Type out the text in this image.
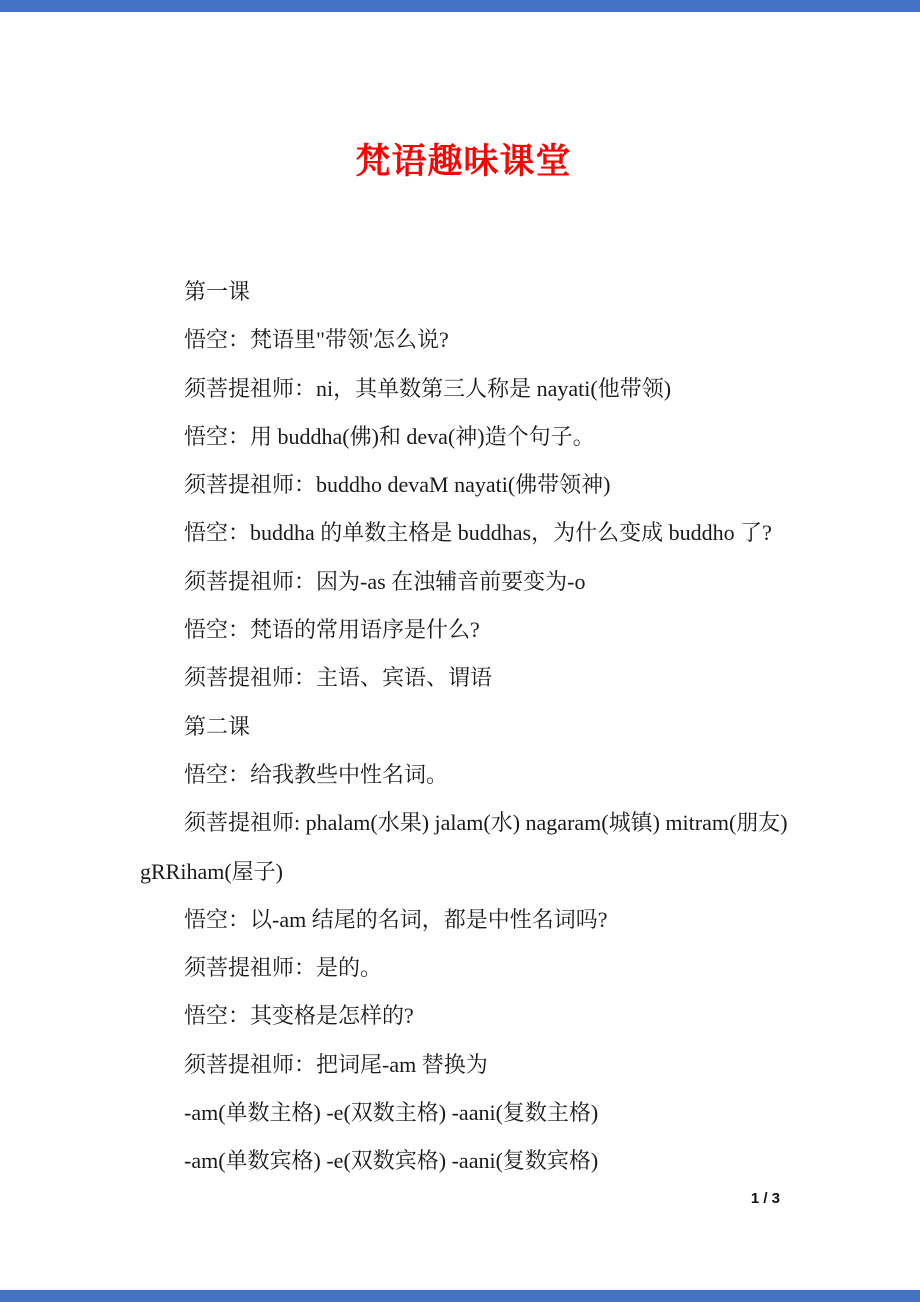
梵语趣味课堂
第一课
悟空：梵语里"带领'怎么说?
须菩提祖师：ni，其单数第三人称是 nayati(他带领)
悟空：用 buddha(佛)和 deva(神)造个句子。
须菩提祖师：buddho devaM nayati(佛带领神)
悟空：buddha 的单数主格是 buddhas，为什么变成 buddho 了?
须菩提祖师：因为-as 在浊辅音前要变为-o
悟空：梵语的常用语序是什么?
须菩提祖师：主语、宾语、谓语
第二课
悟空：给我教些中性名词。
须菩提祖师: phalam(水果) jalam(水) nagaram(城镇) mitram(朋友)
gRRiham(屋子)
悟空：以-am 结尾的名词，都是中性名词吗?
须菩提祖师：是的。
悟空：其变格是怎样的?
须菩提祖师：把词尾-am 替换为
-am(单数主格) -e(双数主格) -aani(复数主格)
-am(单数宾格) -e(双数宾格) -aani(复数宾格)
1 / 3
